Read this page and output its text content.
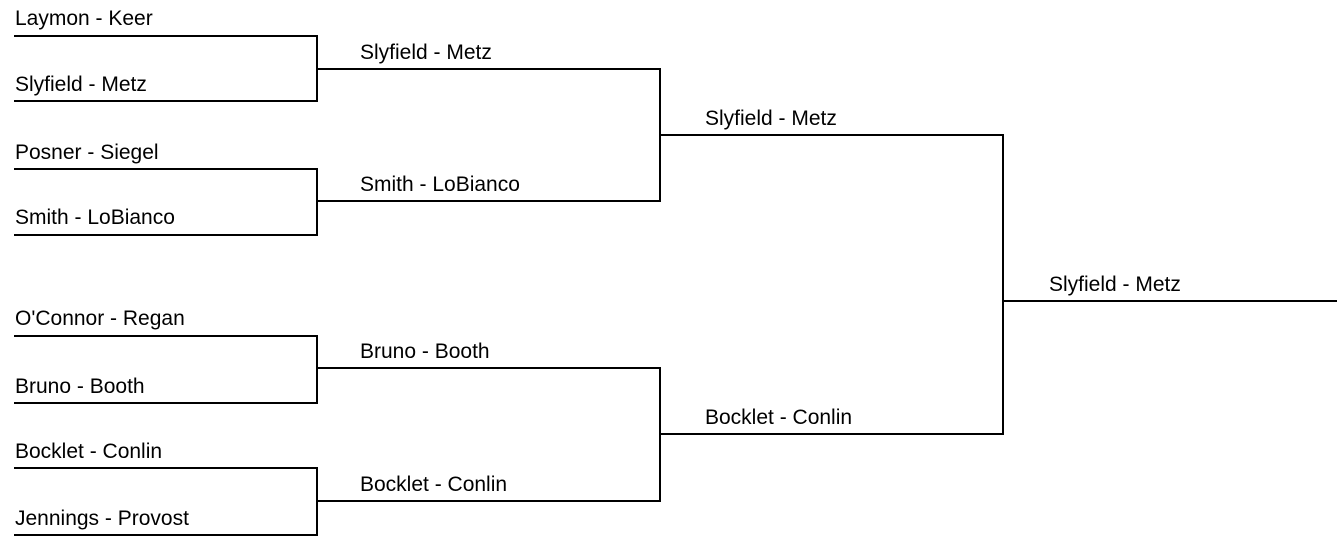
Laymon - Keer
Slyfield - Metz
Posner - Siegel
Smith - LoBianco
O'Connor - Regan
Bruno - Booth
Bocklet - Conlin
Jennings - Provost
Slyfield - Metz
Smith - LoBianco
Bruno - Booth
Bocklet - Conlin
Slyfield - Metz
Bocklet - Conlin
Slyfield - Metz
